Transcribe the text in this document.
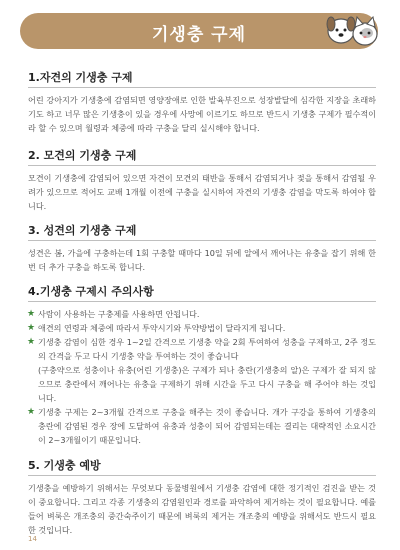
기생충 구제

1.자견의 기생충 구제

어린 강아지가 기생충에 감염되면 영양장애로 인한 발육부진으로 성장발달에 심각한 지장을 초래하기도 하고 너무 많은 기생충이 있을 경우에 사망에 이르기도 하므로 반드시 기생충 구제가 필수적이라 할 수 있으며 월령과 체중에 따라 구충을 달리 실시해야 합니다.

2. 모견의 기생충 구제

모견이 기생충에 감염되어 있으면 자견이 모견의 태반을 통해서 감염되거나 젖을 통해서 감염될 우려가 있으므로 적어도 교배 1개월 이전에 구충을 실시하여 자견의 기생충 감염을 막도록 하여야 합니다.

3. 성견의 기생충 구제

성견은 봄, 가을에 구충하는데 1회 구충할 때마다 10일 뒤에 알에서 깨어나는 유충을 잡기 위해 한 번 더 추가 구충을 하도록 합니다.

4.기생충 구제시 주의사항

★ 사람이 사용하는 구충제를 사용하면 안됩니다.
★ 애견의 연령과 체중에 따라서 투약시기와 투약방법이 달라지게 됩니다.
★ 기생충 감염이 심한 경우 1~2일 간격으로 기생충 약을 2회 투여하여 성충을 구제하고, 2주 정도의 간격을 두고 다시 기생충 약을 투여하는 것이 좋습니다
(구충약으로 성충이나 유충(어린 기생충)은 구제가 되나 충란(기생충의 알)은 구제가 잘 되지 않으므로 충란에서 깨어나는 유충을 구제하기 위해 시간을 두고 다시 구충을 해 주어야 하는 것입니다.
★ 기생충 구제는 2~3개월 간격으로 구충을 해주는 것이 좋습니다. 개가 구강을 통하여 기생충의 충란에 감염된 경우 장에 도달하여 유충과 성충이 되어 감염되는데는 결리는 대략적인 소요시간이 2~3개월이기 때문입니다.

5. 기생충 예방

기생충을 예방하기 위해서는 무엇보다 동물병원에서 기생충 감염에 대한 정기적인 검진을 받는 것이 중요합니다. 그리고 각종 기생충의 감염원인과 경로를 파악하여 제거하는 것이 필요합니다. 예를 들어 벼룩은 개조충의 중간숙주이기 때문에 벼룩의 제거는 개조충의 예방을 위해서도 반드시 필요한 것입니다.

14
